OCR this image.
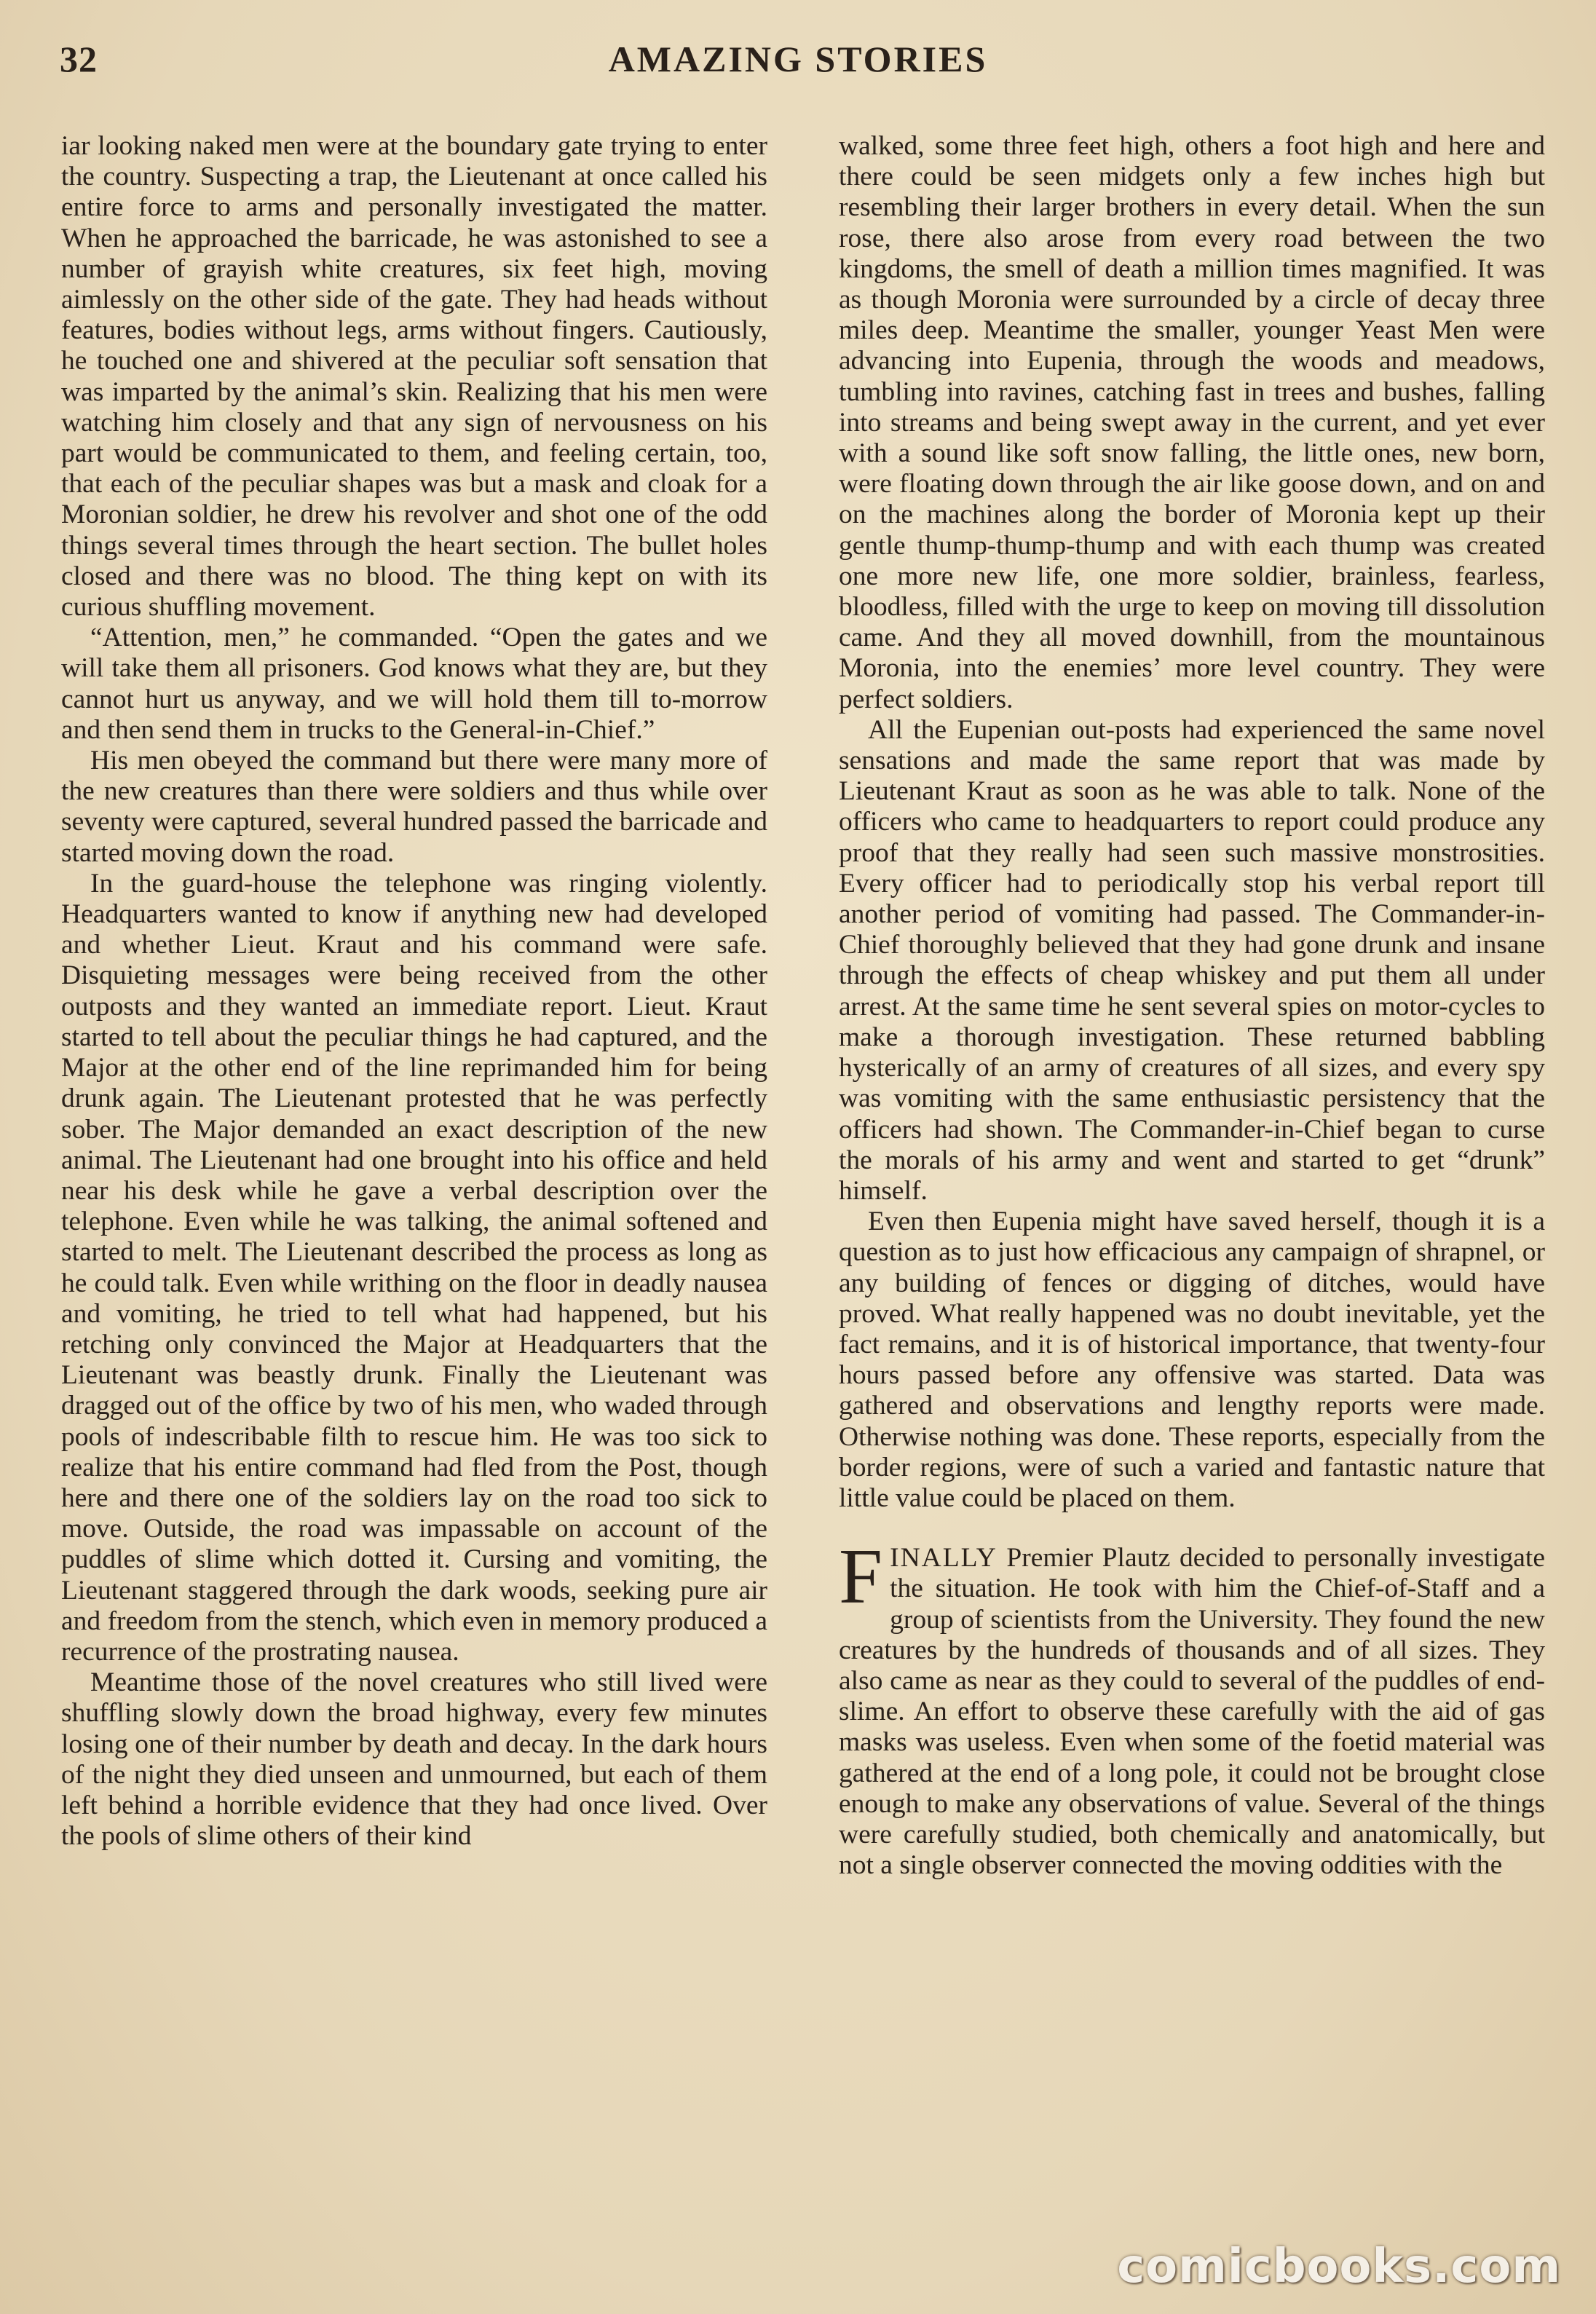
32	AMAZING STORIES

iar looking naked men were at the boundary gate trying to enter the country. Suspecting a trap, the Lieutenant at once called his entire force to arms and personally investigated the matter. When he approached the barricade, he was astonished to see a number of grayish white creatures, six feet high, moving aimlessly on the other side of the gate. They had heads without features, bodies without legs, arms without fingers. Cautiously, he touched one and shivered at the peculiar soft sensation that was imparted by the animal’s skin. Realizing that his men were watching him closely and that any sign of nervousness on his part would be communicated to them, and feeling certain, too, that each of the peculiar shapes was but a mask and cloak for a Moronian soldier, he drew his revolver and shot one of the odd things several times through the heart section. The bullet holes closed and there was no blood. The thing kept on with its curious shuffling movement.

“Attention, men,” he commanded. “Open the gates and we will take them all prisoners. God knows what they are, but they cannot hurt us anyway, and we will hold them till to-morrow and then send them in trucks to the General-in-Chief.”

His men obeyed the command but there were many more of the new creatures than there were soldiers and thus while over seventy were captured, several hundred passed the barricade and started moving down the road.

In the guard-house the telephone was ringing violently. Headquarters wanted to know if anything new had developed and whether Lieut. Kraut and his command were safe. Disquieting messages were being received from the other outposts and they wanted an immediate report. Lieut. Kraut started to tell about the peculiar things he had captured, and the Major at the other end of the line reprimanded him for being drunk again. The Lieutenant protested that he was perfectly sober. The Major demanded an exact description of the new animal. The Lieutenant had one brought into his office and held near his desk while he gave a verbal description over the telephone. Even while he was talking, the animal softened and started to melt. The Lieutenant described the process as long as he could talk. Even while writhing on the floor in deadly nausea and vomiting, he tried to tell what had happened, but his retching only convinced the Major at Headquarters that the Lieutenant was beastly drunk. Finally the Lieutenant was dragged out of the office by two of his men, who waded through pools of indescribable filth to rescue him. He was too sick to realize that his entire command had fled from the Post, though here and there one of the soldiers lay on the road too sick to move. Outside, the road was impassable on account of the puddles of slime which dotted it. Cursing and vomiting, the Lieutenant staggered through the dark woods, seeking pure air and freedom from the stench, which even in memory produced a recurrence of the prostrating nausea.

Meantime those of the novel creatures who still lived were shuffling slowly down the broad highway, every few minutes losing one of their number by death and decay. In the dark hours of the night they died unseen and unmourned, but each of them left behind a horrible evidence that they had once lived. Over the pools of slime others of their kind

walked, some three feet high, others a foot high and here and there could be seen midgets only a few inches high but resembling their larger brothers in every detail. When the sun rose, there also arose from every road between the two kingdoms, the smell of death a million times magnified. It was as though Moronia were surrounded by a circle of decay three miles deep. Meantime the smaller, younger Yeast Men were advancing into Eupenia, through the woods and meadows, tumbling into ravines, catching fast in trees and bushes, falling into streams and being swept away in the current, and yet ever with a sound like soft snow falling, the little ones, new born, were floating down through the air like goose down, and on and on the machines along the border of Moronia kept up their gentle thump-thump-thump and with each thump was created one more new life, one more soldier, brainless, fearless, bloodless, filled with the urge to keep on moving till dissolution came. And they all moved downhill, from the mountainous Moronia, into the enemies’ more level country. They were perfect soldiers.

All the Eupenian out-posts had experienced the same novel sensations and made the same report that was made by Lieutenant Kraut as soon as he was able to talk. None of the officers who came to headquarters to report could produce any proof that they really had seen such massive monstrosities. Every officer had to periodically stop his verbal report till another period of vomiting had passed. The Commander-in-Chief thoroughly believed that they had gone drunk and insane through the effects of cheap whiskey and put them all under arrest. At the same time he sent several spies on motor-cycles to make a thorough investigation. These returned babbling hysterically of an army of creatures of all sizes, and every spy was vomiting with the same enthusiastic persistency that the officers had shown. The Commander-in-Chief began to curse the morals of his army and went and started to get “drunk” himself.

Even then Eupenia might have saved herself, though it is a question as to just how efficacious any campaign of shrapnel, or any building of fences or digging of ditches, would have proved. What really happened was no doubt inevitable, yet the fact remains, and it is of historical importance, that twenty-four hours passed before any offensive was started. Data was gathered and observations and lengthy reports were made. Otherwise nothing was done. These reports, especially from the border regions, were of such a varied and fantastic nature that little value could be placed on them.

FINALLY Premier Plautz decided to personally investigate the situation. He took with him the Chief-of-Staff and a group of scientists from the University. They found the new creatures by the hundreds of thousands and of all sizes. They also came as near as they could to several of the puddles of end-slime. An effort to observe these carefully with the aid of gas masks was useless. Even when some of the foetid material was gathered at the end of a long pole, it could not be brought close enough to make any observations of value. Several of the things were carefully studied, both chemically and anatomically, but not a single observer connected the moving oddities with the

comicbooks.com
